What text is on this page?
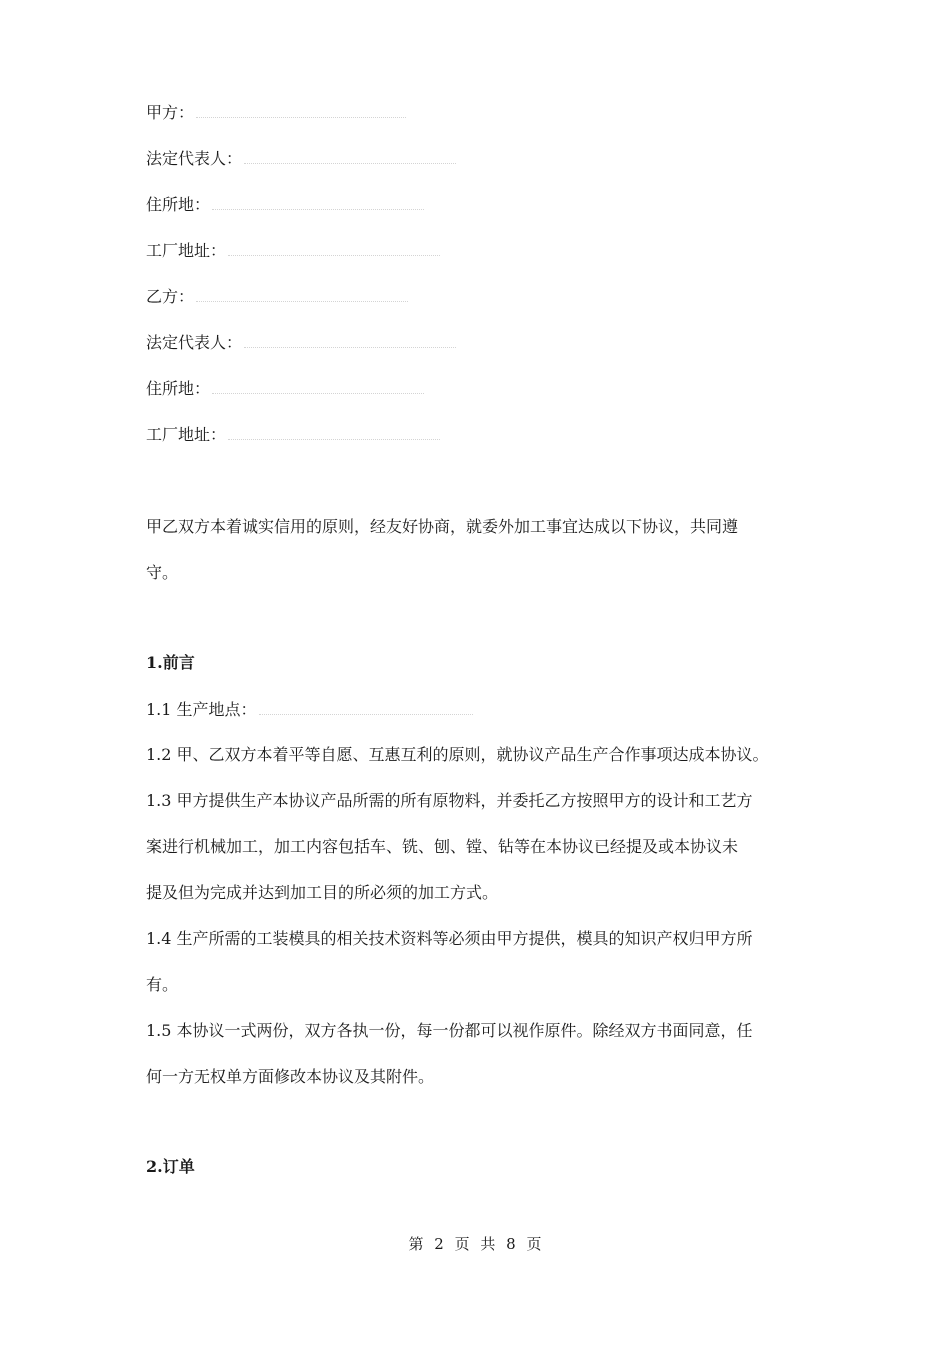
甲方：
法定代表人：
住所地：
工厂地址：
乙方：
法定代表人：
住所地：
工厂地址：
甲乙双方本着诚实信用的原则，经友好协商，就委外加工事宜达成以下协议，共同遵
守。
1.前言
1.1 生产地点：
1.2 甲、乙双方本着平等自愿、互惠互利的原则，就协议产品生产合作事项达成本协议。
1.3 甲方提供生产本协议产品所需的所有原物料，并委托乙方按照甲方的设计和工艺方
案进行机械加工，加工内容包括车、铣、刨、镗、钻等在本协议已经提及或本协议未
提及但为完成并达到加工目的所必须的加工方式。
1.4 生产所需的工装模具的相关技术资料等必须由甲方提供，模具的知识产权归甲方所
有。
1.5 本协议一式两份，双方各执一份，每一份都可以视作原件。除经双方书面同意，任
何一方无权单方面修改本协议及其附件。
2.订单
第 2 页 共 8 页
